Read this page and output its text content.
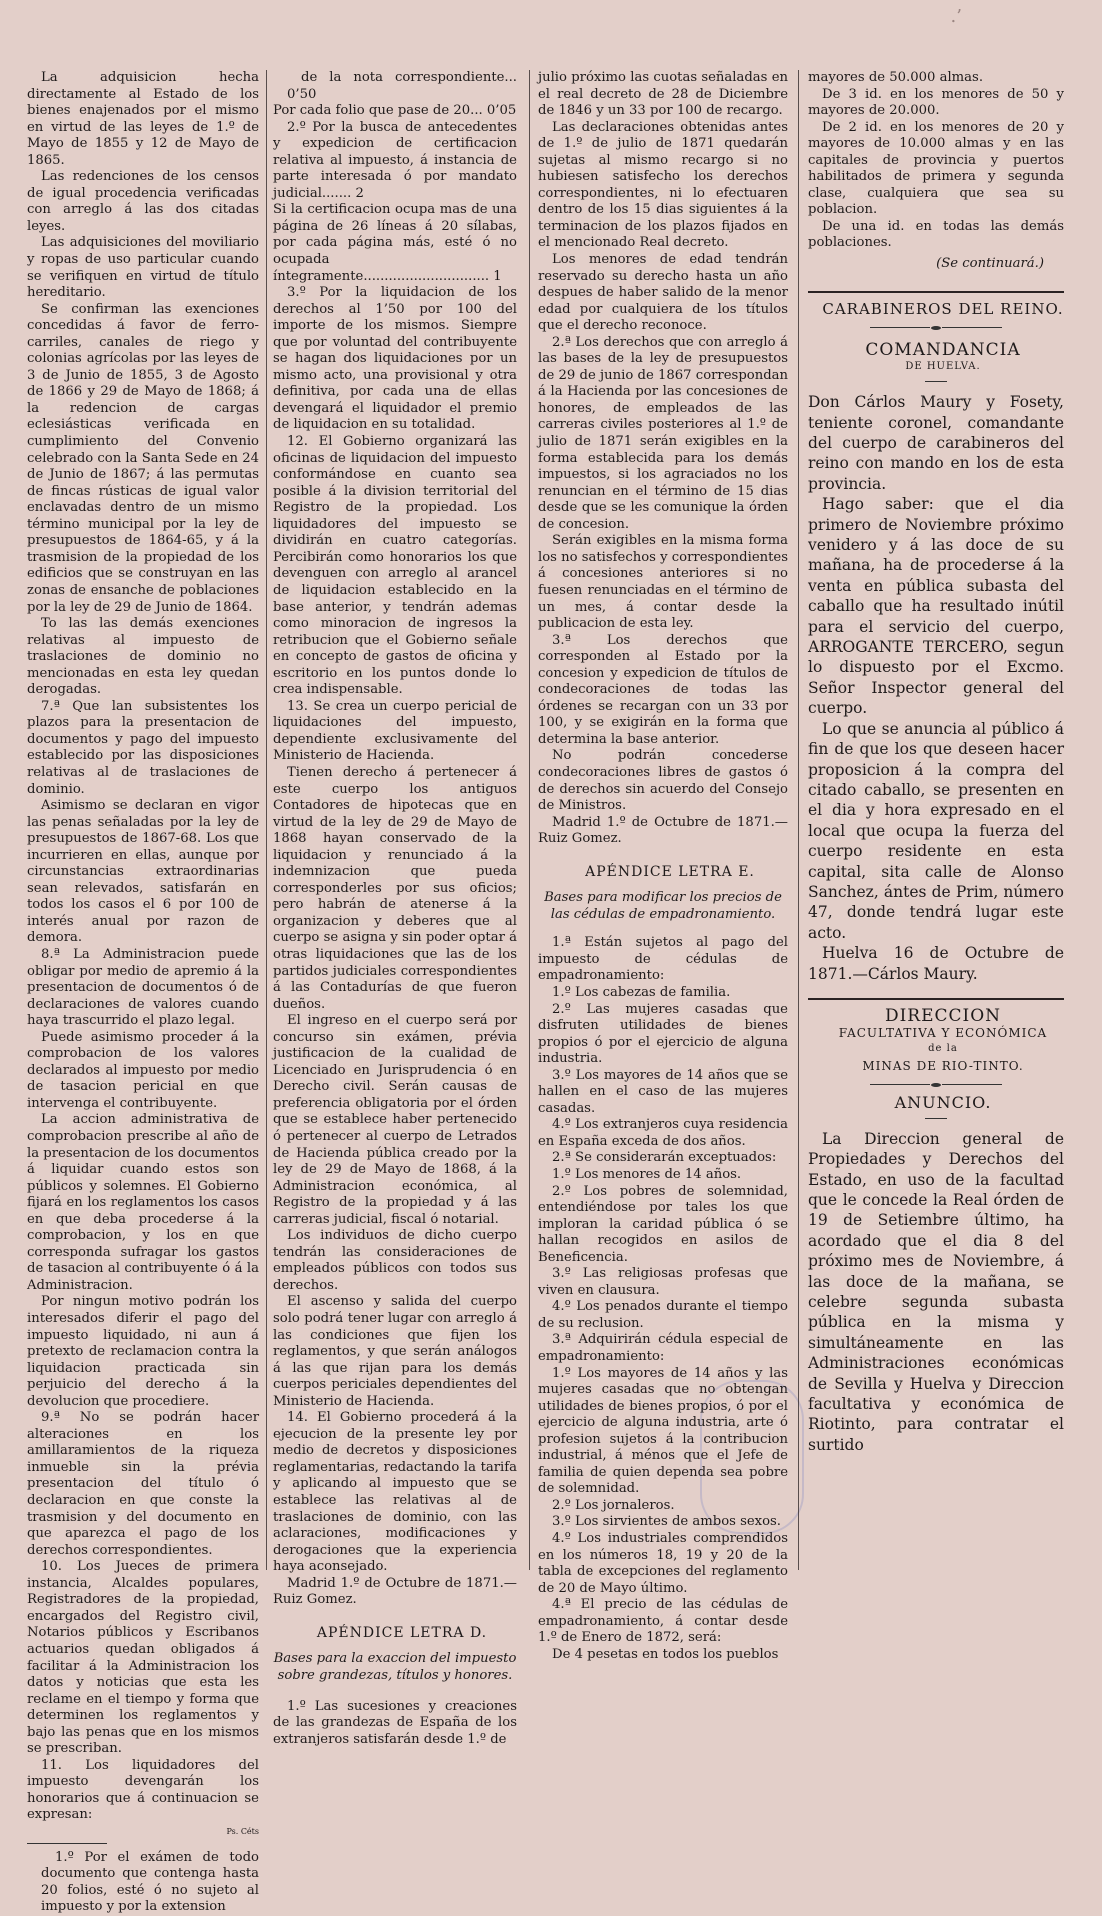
.’

La adquisicion hecha directamente al Estado de los bienes enajenados por el mismo en virtud de las leyes de 1.º de Mayo de 1855 y 12 de Mayo de 1865.

Las redenciones de los censos de igual procedencia verificadas con arreglo á las dos citadas leyes.

Las adquisiciones del moviliario y ropas de uso particular cuando se verifiquen en virtud de título hereditario.

Se confirman las exenciones concedidas á favor de ferro-carriles, canales de riego y colonias agrícolas por las leyes de 3 de Junio de 1855, 3 de Agosto de 1866 y 29 de Mayo de 1868; á la redencion de cargas eclesiásticas verificada en cumplimiento del Convenio celebrado con la Santa Sede en 24 de Junio de 1867; á las permutas de fincas rústicas de igual valor enclavadas dentro de un mismo término municipal por la ley de presupuestos de 1864-65, y á la trasmision de la propiedad de los edificios que se construyan en las zonas de ensanche de poblaciones por la ley de 29 de Junio de 1864.

To las las demás exenciones relativas al impuesto de traslaciones de dominio no mencionadas en esta ley quedan derogadas.

7.ª Que lan subsistentes los plazos para la presentacion de documentos y pago del impuesto establecido por las disposiciones relativas al de traslaciones de dominio.

Asimismo se declaran en vigor las penas señaladas por la ley de presupuestos de 1867-68. Los que incurrieren en ellas, aunque por circunstancias extraordinarias sean relevados, satisfarán en todos los casos el 6 por 100 de interés anual por razon de demora.

8.ª La Administracion puede obligar por medio de apremio á la presentacion de documentos ó de declaraciones de valores cuando haya trascurrido el plazo legal.

Puede asimismo proceder á la comprobacion de los valores declarados al impuesto por medio de tasacion pericial en que intervenga el contribuyente.

La accion administrativa de comprobacion prescribe al año de la presentacion de los documentos á liquidar cuando estos son públicos y solemnes. El Gobierno fijará en los reglamentos los casos en que deba procederse á la comprobacion, y los en que corresponda sufragar los gastos de tasacion al contribuyente ó á la Administracion.

Por ningun motivo podrán los interesados diferir el pago del impuesto liquidado, ni aun á pretexto de reclamacion contra la liquidacion practicada sin perjuicio del derecho á la devolucion que procediere.

9.ª No se podrán hacer alteraciones en los amillaramientos de la riqueza inmueble sin la prévia presentacion del título ó declaracion en que conste la trasmision y del documento en que aparezca el pago de los derechos correspondientes.

10. Los Jueces de primera instancia, Alcaldes populares, Registradores de la propiedad, encargados del Registro civil, Notarios públicos y Escribanos actuarios quedan obligados á facilitar á la Administracion los datos y noticias que esta les reclame en el tiempo y forma que determinen los reglamentos y bajo las penas que en los mismos se prescriban.

11. Los liquidadores del impuesto devengarán los honorarios que á continuacion se expresan:

Ps. Céts

1.º Por el exámen de todo documento que contenga hasta 20 folios, esté ó no sujeto al impuesto y por la extension

de la nota correspondiente... 0’50

Por cada folio que pase de 20... 0’05

2.º Por la busca de antecedentes y expedicion de certificacion relativa al impuesto, á instancia de parte interesada ó por mandato judicial....... 2

Si la certificacion ocupa mas de una página de 26 líneas á 20 sílabas, por cada página más, esté ó no ocupada íntegramente.............................. 1

3.º Por la liquidacion de los derechos al 1’50 por 100 del importe de los mismos. Siempre que por voluntad del contribuyente se hagan dos liquidaciones por un mismo acto, una provisional y otra definitiva, por cada una de ellas devengará el liquidador el premio de liquidacion en su totalidad.

12. El Gobierno organizará las oficinas de liquidacion del impuesto conformándose en cuanto sea posible á la division territorial del Registro de la propiedad. Los liquidadores del impuesto se dividirán en cuatro categorías. Percibirán como honorarios los que devenguen con arreglo al arancel de liquidacion establecido en la base anterior, y tendrán ademas como minoracion de ingresos la retribucion que el Gobierno señale en concepto de gastos de oficina y escritorio en los puntos donde lo crea indispensable.

13. Se crea un cuerpo pericial de liquidaciones del impuesto, dependiente exclusivamente del Ministerio de Hacienda.

Tienen derecho á pertenecer á este cuerpo los antiguos Contadores de hipotecas que en virtud de la ley de 29 de Mayo de 1868 hayan conservado de la liquidacion y renunciado á la indemnizacion que pueda corresponderles por sus oficios; pero habrán de atenerse á la organizacion y deberes que al cuerpo se asigna y sin poder optar á otras liquidaciones que las de los partidos judiciales correspondientes á las Contadurías de que fueron dueños.

El ingreso en el cuerpo será por concurso sin exámen, prévia justificacion de la cualidad de Licenciado en Jurisprudencia ó en Derecho civil. Serán causas de preferencia obligatoria por el órden que se establece haber pertenecido ó pertenecer al cuerpo de Letrados de Hacienda pública creado por la ley de 29 de Mayo de 1868, á la Administracion económica, al Registro de la propiedad y á las carreras judicial, fiscal ó notarial.

Los individuos de dicho cuerpo tendrán las consideraciones de empleados públicos con todos sus derechos.

El ascenso y salida del cuerpo solo podrá tener lugar con arreglo á las condiciones que fijen los reglamentos, y que serán análogos á las que rijan para los demás cuerpos periciales dependientes del Ministerio de Hacienda.

14. El Gobierno procederá á la ejecucion de la presente ley por medio de decretos y disposiciones reglamentarias, redactando la tarifa y aplicando al impuesto que se establece las relativas al de traslaciones de dominio, con las aclaraciones, modificaciones y derogaciones que la experiencia haya aconsejado.

Madrid 1.º de Octubre de 1871.—Ruiz Gomez.

APÉNDICE LETRA D.

Bases para la exaccion del impuesto sobre grandezas, títulos y honores.

1.º Las sucesiones y creaciones de las grandezas de España de los extranjeros satisfarán desde 1.º de

julio próximo las cuotas señaladas en el real decreto de 28 de Diciembre de 1846 y un 33 por 100 de recargo.

Las declaraciones obtenidas antes de 1.º de julio de 1871 quedarán sujetas al mismo recargo si no hubiesen satisfecho los derechos correspondientes, ni lo efectuaren dentro de los 15 dias siguientes á la terminacion de los plazos fijados en el mencionado Real decreto.

Los menores de edad tendrán reservado su derecho hasta un año despues de haber salido de la menor edad por cualquiera de los títulos que el derecho reconoce.

2.ª Los derechos que con arreglo á las bases de la ley de presupuestos de 29 de junio de 1867 correspondan á la Hacienda por las concesiones de honores, de empleados de las carreras civiles posteriores al 1.º de julio de 1871 serán exigibles en la forma establecida para los demás impuestos, si los agraciados no los renuncian en el término de 15 dias desde que se les comunique la órden de concesion.

Serán exigibles en la misma forma los no satisfechos y correspondientes á concesiones anteriores si no fuesen renunciadas en el término de un mes, á contar desde la publicacion de esta ley.

3.ª Los derechos que corresponden al Estado por la concesion y expedicion de títulos de condecoraciones de todas las órdenes se recargan con un 33 por 100, y se exigirán en la forma que determina la base anterior.

No podrán concederse condecoraciones libres de gastos ó de derechos sin acuerdo del Consejo de Ministros.

Madrid 1.º de Octubre de 1871.—Ruiz Gomez.

APÉNDICE LETRA E.

Bases para modificar los precios de las cédulas de empadronamiento.

1.ª Están sujetos al pago del impuesto de cédulas de empadronamiento:

1.º Los cabezas de familia.

2.º Las mujeres casadas que disfruten utilidades de bienes propios ó por el ejercicio de alguna industria.

3.º Los mayores de 14 años que se hallen en el caso de las mujeres casadas.

4.º Los extranjeros cuya residencia en España exceda de dos años.

2.ª Se considerarán exceptuados:

1.º Los menores de 14 años.

2.º Los pobres de solemnidad, entendiéndose por tales los que imploran la caridad pública ó se hallan recogidos en asilos de Beneficencia.

3.º Las religiosas profesas que viven en clausura.

4.º Los penados durante el tiempo de su reclusion.

3.ª Adquirirán cédula especial de empadronamiento:

1.º Los mayores de 14 años y las mujeres casadas que no obtengan utilidades de bienes propios, ó por el ejercicio de alguna industria, arte ó profesion sujetos á la contribucion industrial, á ménos que el Jefe de familia de quien dependa sea pobre de solemnidad.

2.º Los jornaleros.

3.º Los sirvientes de ambos sexos.

4.º Los industriales comprendidos en los números 18, 19 y 20 de la tabla de excepciones del reglamento de 20 de Mayo último.

4.ª El precio de las cédulas de empadronamiento, á contar desde 1.º de Enero de 1872, será:

De 4 pesetas en todos los pueblos

mayores de 50.000 almas.

De 3 id. en los menores de 50 y mayores de 20.000.

De 2 id. en los menores de 20 y mayores de 10.000 almas y en las capitales de provincia y puertos habilitados de primera y segunda clase, cualquiera que sea su poblacion.

De una id. en todas las demás poblaciones.

(Se continuará.)

CARABINEROS DEL REINO.

COMANDANCIA

DE HUELVA.

Don Cárlos Maury y Fosety, teniente coronel, comandante del cuerpo de carabineros del reino con mando en los de esta provincia.

Hago saber: que el dia primero de Noviembre próximo venidero y á las doce de su mañana, ha de procederse á la venta en pública subasta del caballo que ha resultado inútil para el servicio del cuerpo, ARROGANTE TERCERO, segun lo dispuesto por el Excmo. Señor Inspector general del cuerpo.

Lo que se anuncia al público á fin de que los que deseen hacer proposicion á la compra del citado caballo, se presenten en el dia y hora expresado en el local que ocupa la fuerza del cuerpo residente en esta capital, sita calle de Alonso Sanchez, ántes de Prim, número 47, donde tendrá lugar este acto.

Huelva 16 de Octubre de 1871.—Cárlos Maury.

DIRECCION

FACULTATIVA Y ECONÓMICA

de la

MINAS DE RIO-TINTO.

ANUNCIO.

La Direccion general de Propiedades y Derechos del Estado, en uso de la facultad que le concede la Real órden de 19 de Setiembre último, ha acordado que el dia 8 del próximo mes de Noviembre, á las doce de la mañana, se celebre segunda subasta pública en la misma y simultáneamente en las Administraciones económicas de Sevilla y Huelva y Direccion facultativa y económica de Riotinto, para contratar el surtido
